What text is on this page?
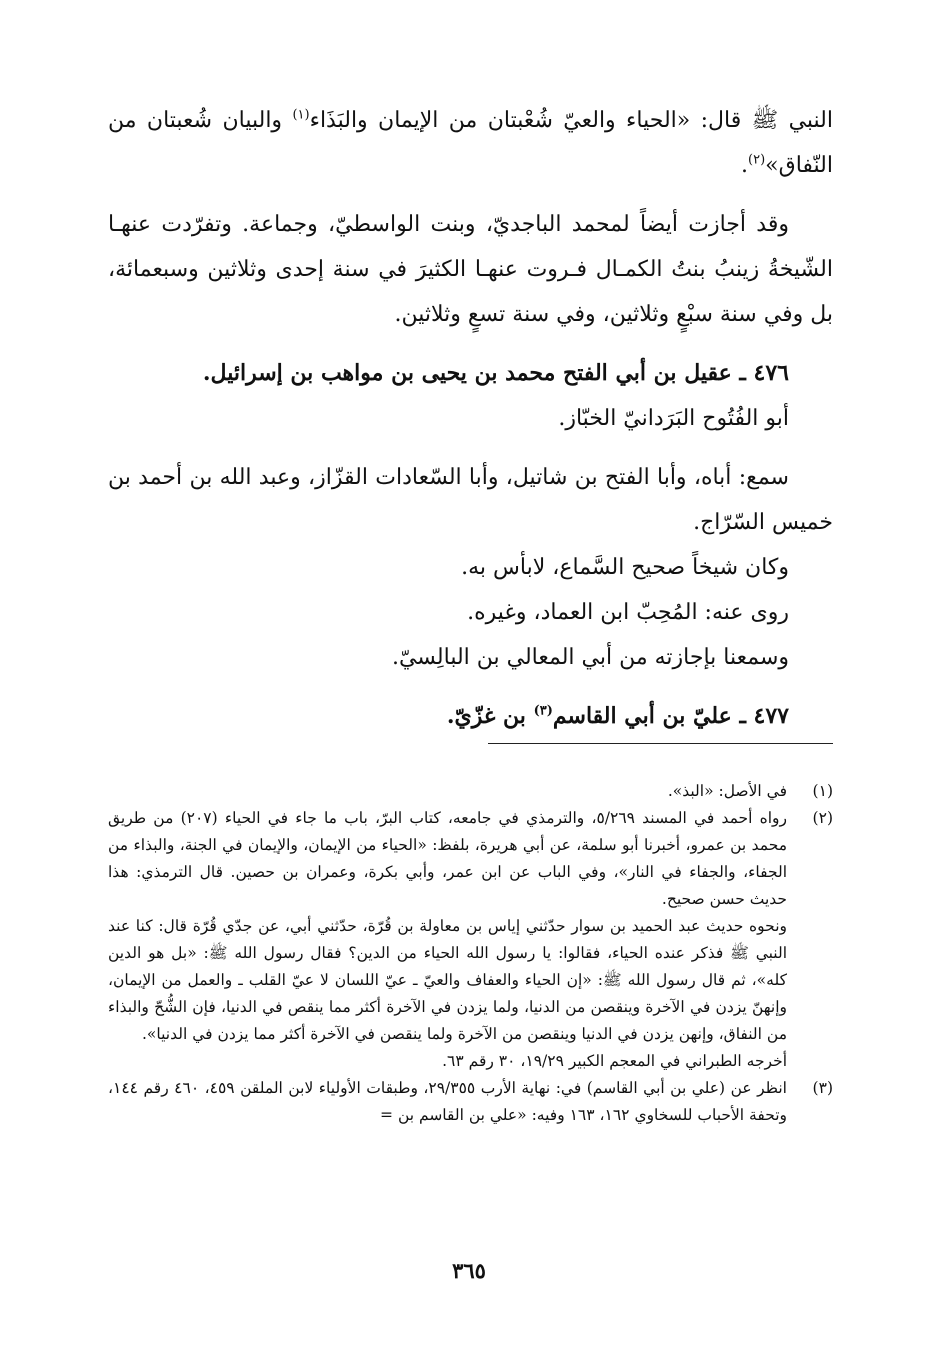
النبي ﷺ قال: «الحياء والعيّ شُعْبتان من الإيمان والبَذَاء$^{(١)}$ والبيان شُعبتان من النّفاق»$^{(٢)}$.

وقد أجازت أيضاً لمحمد الباجديّ، وبنت الواسطيّ، وجماعة. وتفرّدت عنهـا الشّيخةُ زينبُ بنتُ الكمـال فـروت عنهـا الكثيرَ في سنة إحدى وثلاثين وسبعمائة، بل وفي سنة سبْعٍ وثلاثين، وفي سنة تسعٍ وثلاثين.

٤٧٦ ـ عقيل بن أبي الفتح محمد بن يحيى بن مواهب بن إسرائيل.

أبو الفُتُوح البَرَدانيّ الخبّاز.

سمع: أباه، وأبا الفتح بن شاتيل، وأبا السّعادات القزّاز، وعبد الله بن أحمد بن خميس السّرّاج.

وكان شيخاً صحيح السَّماع، لابأس به.

روى عنه: المُحِبّ ابن العماد، وغيره.

وسمعنا بإجازته من أبي المعالي بن البالِسيّ.

٤٧٧ ـ عليّ بن أبي القاسم$^{(٣)}$ بن غزّيّ.

(١)

في الأصل: «البذ».

(٢)

رواه أحمد في المسند ٥/٢٦٩، والترمذي في جامعه، كتاب البرّ، باب ما جاء في الحياء (٢٠٧) من طريق محمد بن عمرو، أخبرنا أبو سلمة، عن أبي هريرة، بلفظ: «الحياء من الإيمان، والإيمان في الجنة، والبذاء من الجفاء، والجفاء في النار»، وفي الباب عن ابن عمر، وأبي بكرة، وعمران بن حصين. قال الترمذي: هذا حديث حسن صحيح.

ونحوه حديث عبد الحميد بن سوار حدّثني إياس بن معاولة بن قُرّة، حدّثني أبي، عن جدّي قُرّة قال: كنا عند النبي ﷺ فذكر عنده الحياء، فقالوا: يا رسول الله الحياء من الدين؟ فقال رسول الله ﷺ: «بل هو الدين كله»، ثم قال رسول الله ﷺ: «إن الحياء والعفاف والعيّ ـ عيّ اللسان لا عيّ القلب ـ والعمل من الإيمان، وإنهنّ يزدن في الآخرة وينقصن من الدنيا، ولما يزدن في الآخرة أكثر مما ينقص في الدنيا، فإن الشُّحّ والبذاء من النفاق، وإنهن يزدن في الدنيا وينقصن من الآخرة ولما ينقصن في الآخرة أكثر مما يزدن في الدنيا».

أخرجه الطبراني في المعجم الكبير ١٩/٢٩، ٣٠ رقم ٦٣.

(٣)

انظر عن (علي بن أبي القاسم) في: نهاية الأرب ٢٩/٣٥٥، وطبقات الأولياء لابن الملقن ٤٥٩، ٤٦٠ رقم ١٤٤، وتحفة الأحباب للسخاوي ١٦٢، ١٦٣ وفيه: «علي بن القاسم بن =

٣٦٥
